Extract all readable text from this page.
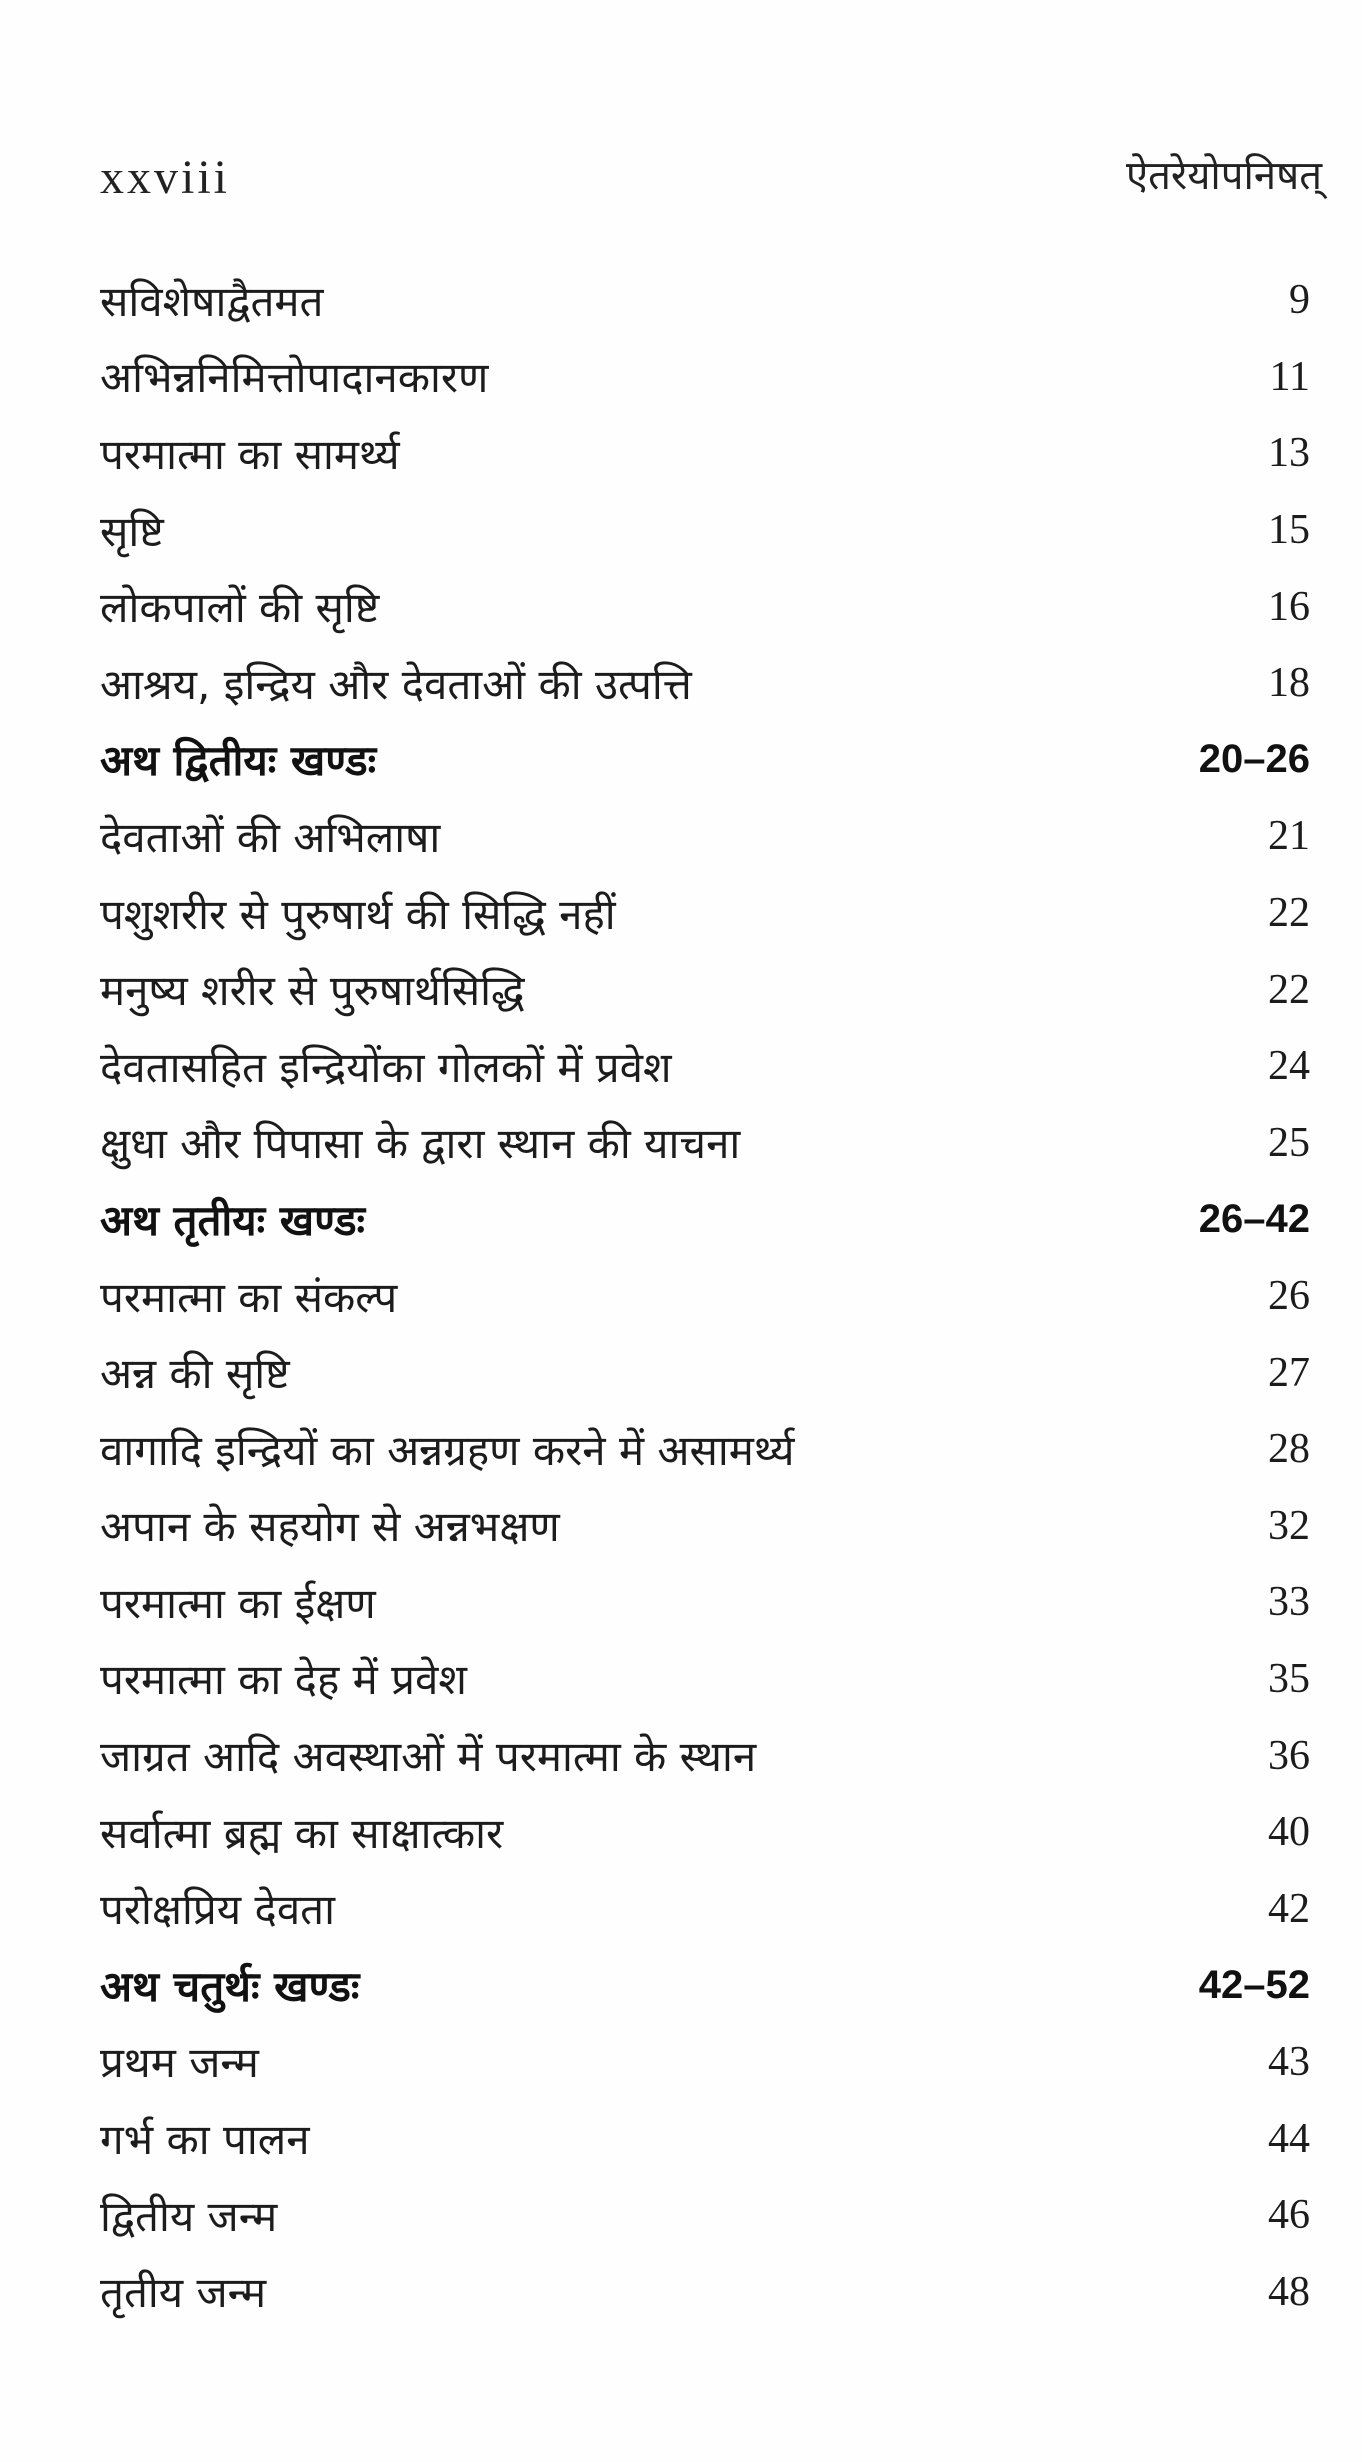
xxviii	ऐतरेयोपनिषत्
सविशेषाद्वैतमत	9
अभिन्ननिमित्तोपादानकारण	11
परमात्मा का सामर्थ्य	13
सृष्टि	15
लोकपालों की सृष्टि	16
आश्रय, इन्द्रिय और देवताओं की उत्पत्ति	18
अथ द्वितीयः खण्डः	20–26
देवताओं की अभिलाषा	21
पशुशरीर से पुरुषार्थ की सिद्धि नहीं	22
मनुष्य शरीर से पुरुषार्थसिद्धि	22
देवतासहित इन्द्रियोंका गोलकों में प्रवेश	24
क्षुधा और पिपासा के द्वारा स्थान की याचना	25
अथ तृतीयः खण्डः	26–42
परमात्मा का संकल्प	26
अन्न की सृष्टि	27
वागादि इन्द्रियों का अन्नग्रहण करने में असामर्थ्य	28
अपान के सहयोग से अन्नभक्षण	32
परमात्मा का ईक्षण	33
परमात्मा का देह में प्रवेश	35
जाग्रत आदि अवस्थाओं में परमात्मा के स्थान	36
सर्वात्मा ब्रह्म का साक्षात्कार	40
परोक्षप्रिय देवता	42
अथ चतुर्थः खण्डः	42–52
प्रथम जन्म	43
गर्भ का पालन	44
द्वितीय जन्म	46
तृतीय जन्म	48
